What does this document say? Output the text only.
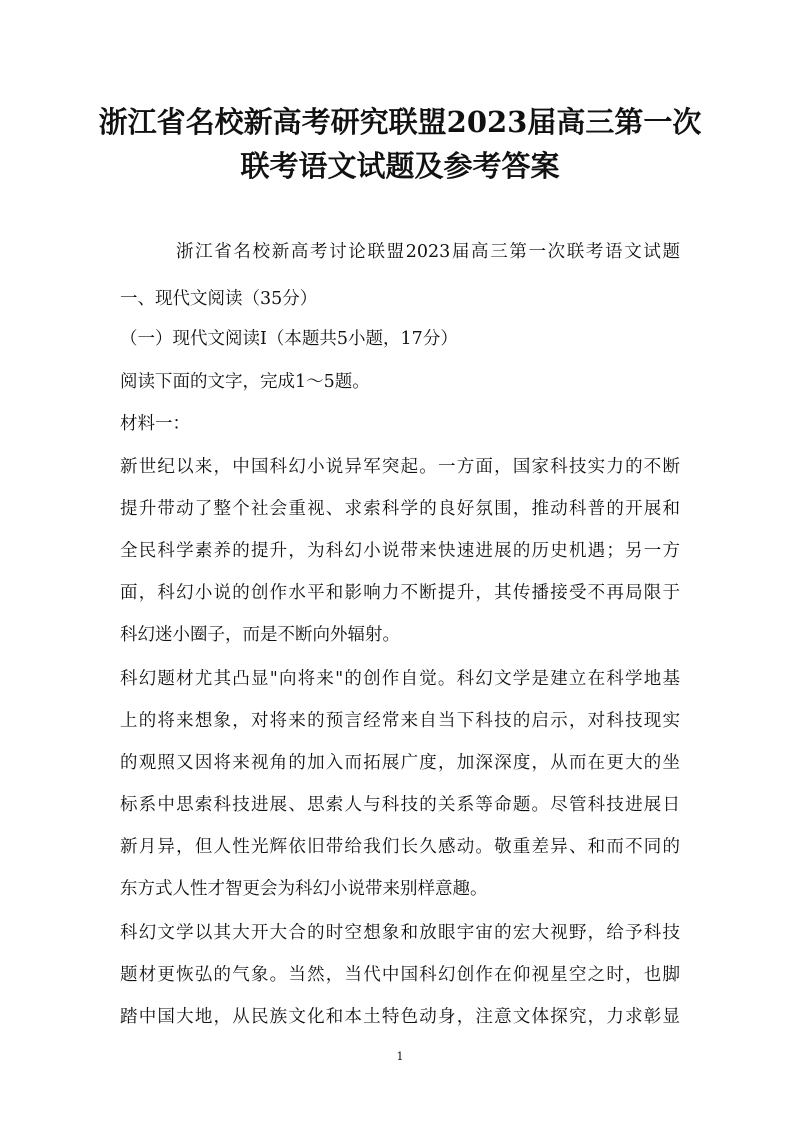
浙江省名校新高考研究联盟2023届高三第一次
联考语文试题及参考答案
浙江省名校新高考讨论联盟2023届高三第一次联考语文试题
一、现代文阅读（35分）
（一）现代文阅读Ⅰ（本题共5小题，17分）
阅读下面的文字，完成1～5题。
材料一：
新世纪以来，中国科幻小说异军突起。一方面，国家科技实力的不断
提升带动了整个社会重视、求索科学的良好氛围，推动科普的开展和
全民科学素养的提升，为科幻小说带来快速进展的历史机遇；另一方
面，科幻小说的创作水平和影响力不断提升，其传播接受不再局限于
科幻迷小圈子，而是不断向外辐射。
科幻题材尤其凸显"向将来"的创作自觉。科幻文学是建立在科学地基
上的将来想象，对将来的预言经常来自当下科技的启示，对科技现实
的观照又因将来视角的加入而拓展广度，加深深度，从而在更大的坐
标系中思索科技进展、思索人与科技的关系等命题。尽管科技进展日
新月异，但人性光辉依旧带给我们长久感动。敬重差异、和而不同的
东方式人性才智更会为科幻小说带来别样意趣。
科幻文学以其大开大合的时空想象和放眼宇宙的宏大视野，给予科技
题材更恢弘的气象。当然，当代中国科幻创作在仰视星空之时，也脚
踏中国大地，从民族文化和本土特色动身，注意文体探究，力求彰显
1
